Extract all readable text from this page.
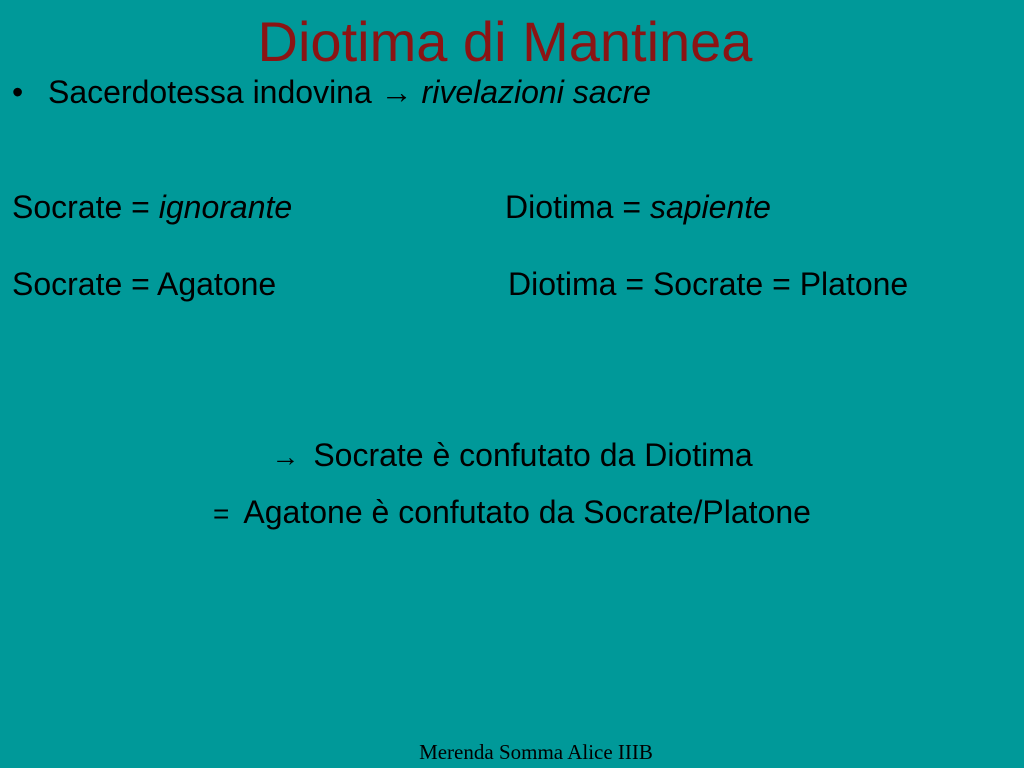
Diotima di Mantinea
• Sacerdotessa indovina → rivelazioni sacre
Socrate = ignorante	Diotima = sapiente
Socrate = Agatone	Diotima = Socrate = Platone
→ Socrate è confutato da Diotima
= Agatone è confutato da Socrate/Platone
Merenda Somma Alice IIIB
